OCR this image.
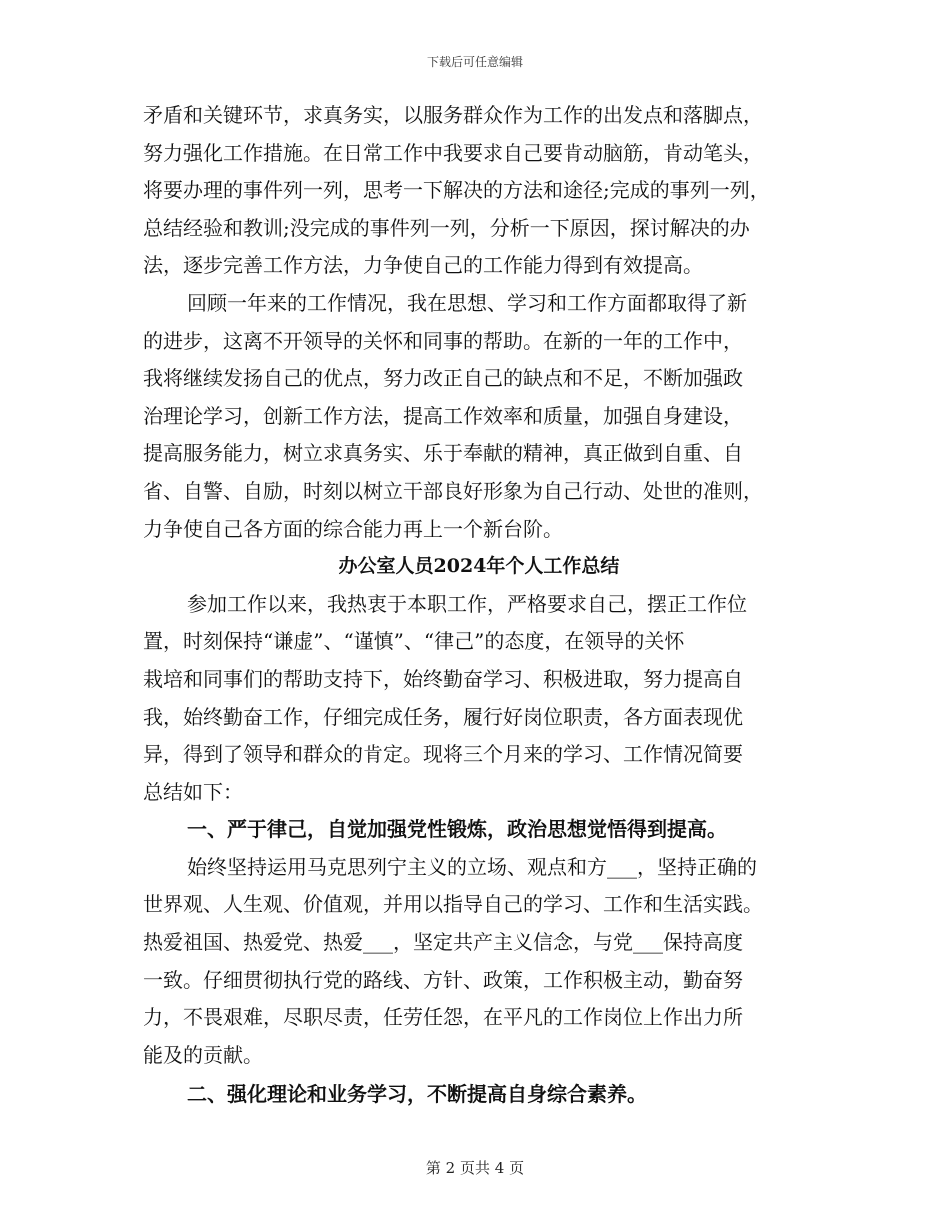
下载后可任意编辑
矛盾和关键环节，求真务实，以服务群众作为工作的出发点和落脚点，
努力强化工作措施。在日常工作中我要求自己要肯动脑筋，肯动笔头，
将要办理的事件列一列，思考一下解决的方法和途径;完成的事列一列，
总结经验和教训;没完成的事件列一列，分析一下原因，探讨解决的办
法，逐步完善工作方法，力争使自己的工作能力得到有效提高。
回顾一年来的工作情况，我在思想、学习和工作方面都取得了新
的进步，这离不开领导的关怀和同事的帮助。在新的一年的工作中，
我将继续发扬自己的优点，努力改正自己的缺点和不足，不断加强政
治理论学习，创新工作方法，提高工作效率和质量，加强自身建设，
提高服务能力，树立求真务实、乐于奉献的精神，真正做到自重、自
省、自警、自励，时刻以树立干部良好形象为自己行动、处世的准则，
力争使自己各方面的综合能力再上一个新台阶。
办公室人员2024年个人工作总结
参加工作以来，我热衷于本职工作，严格要求自己，摆正工作位
置，时刻保持“谦虚”、“谨慎”、“律己”的态度，在领导的关怀
栽培和同事们的帮助支持下，始终勤奋学习、积极进取，努力提高自
我，始终勤奋工作，仔细完成任务，履行好岗位职责，各方面表现优
异，得到了领导和群众的肯定。现将三个月来的学习、工作情况简要
总结如下：
一、严于律己，自觉加强党性锻炼，政治思想觉悟得到提高。
始终坚持运用马克思列宁主义的立场、观点和方___，坚持正确的
世界观、人生观、价值观，并用以指导自己的学习、工作和生活实践。
热爱祖国、热爱党、热爱___，坚定共产主义信念，与党___保持高度
一致。仔细贯彻执行党的路线、方针、政策，工作积极主动，勤奋努
力，不畏艰难，尽职尽责，任劳任怨，在平凡的工作岗位上作出力所
能及的贡献。
二、强化理论和业务学习，不断提高自身综合素养。
第 2 页共 4 页
